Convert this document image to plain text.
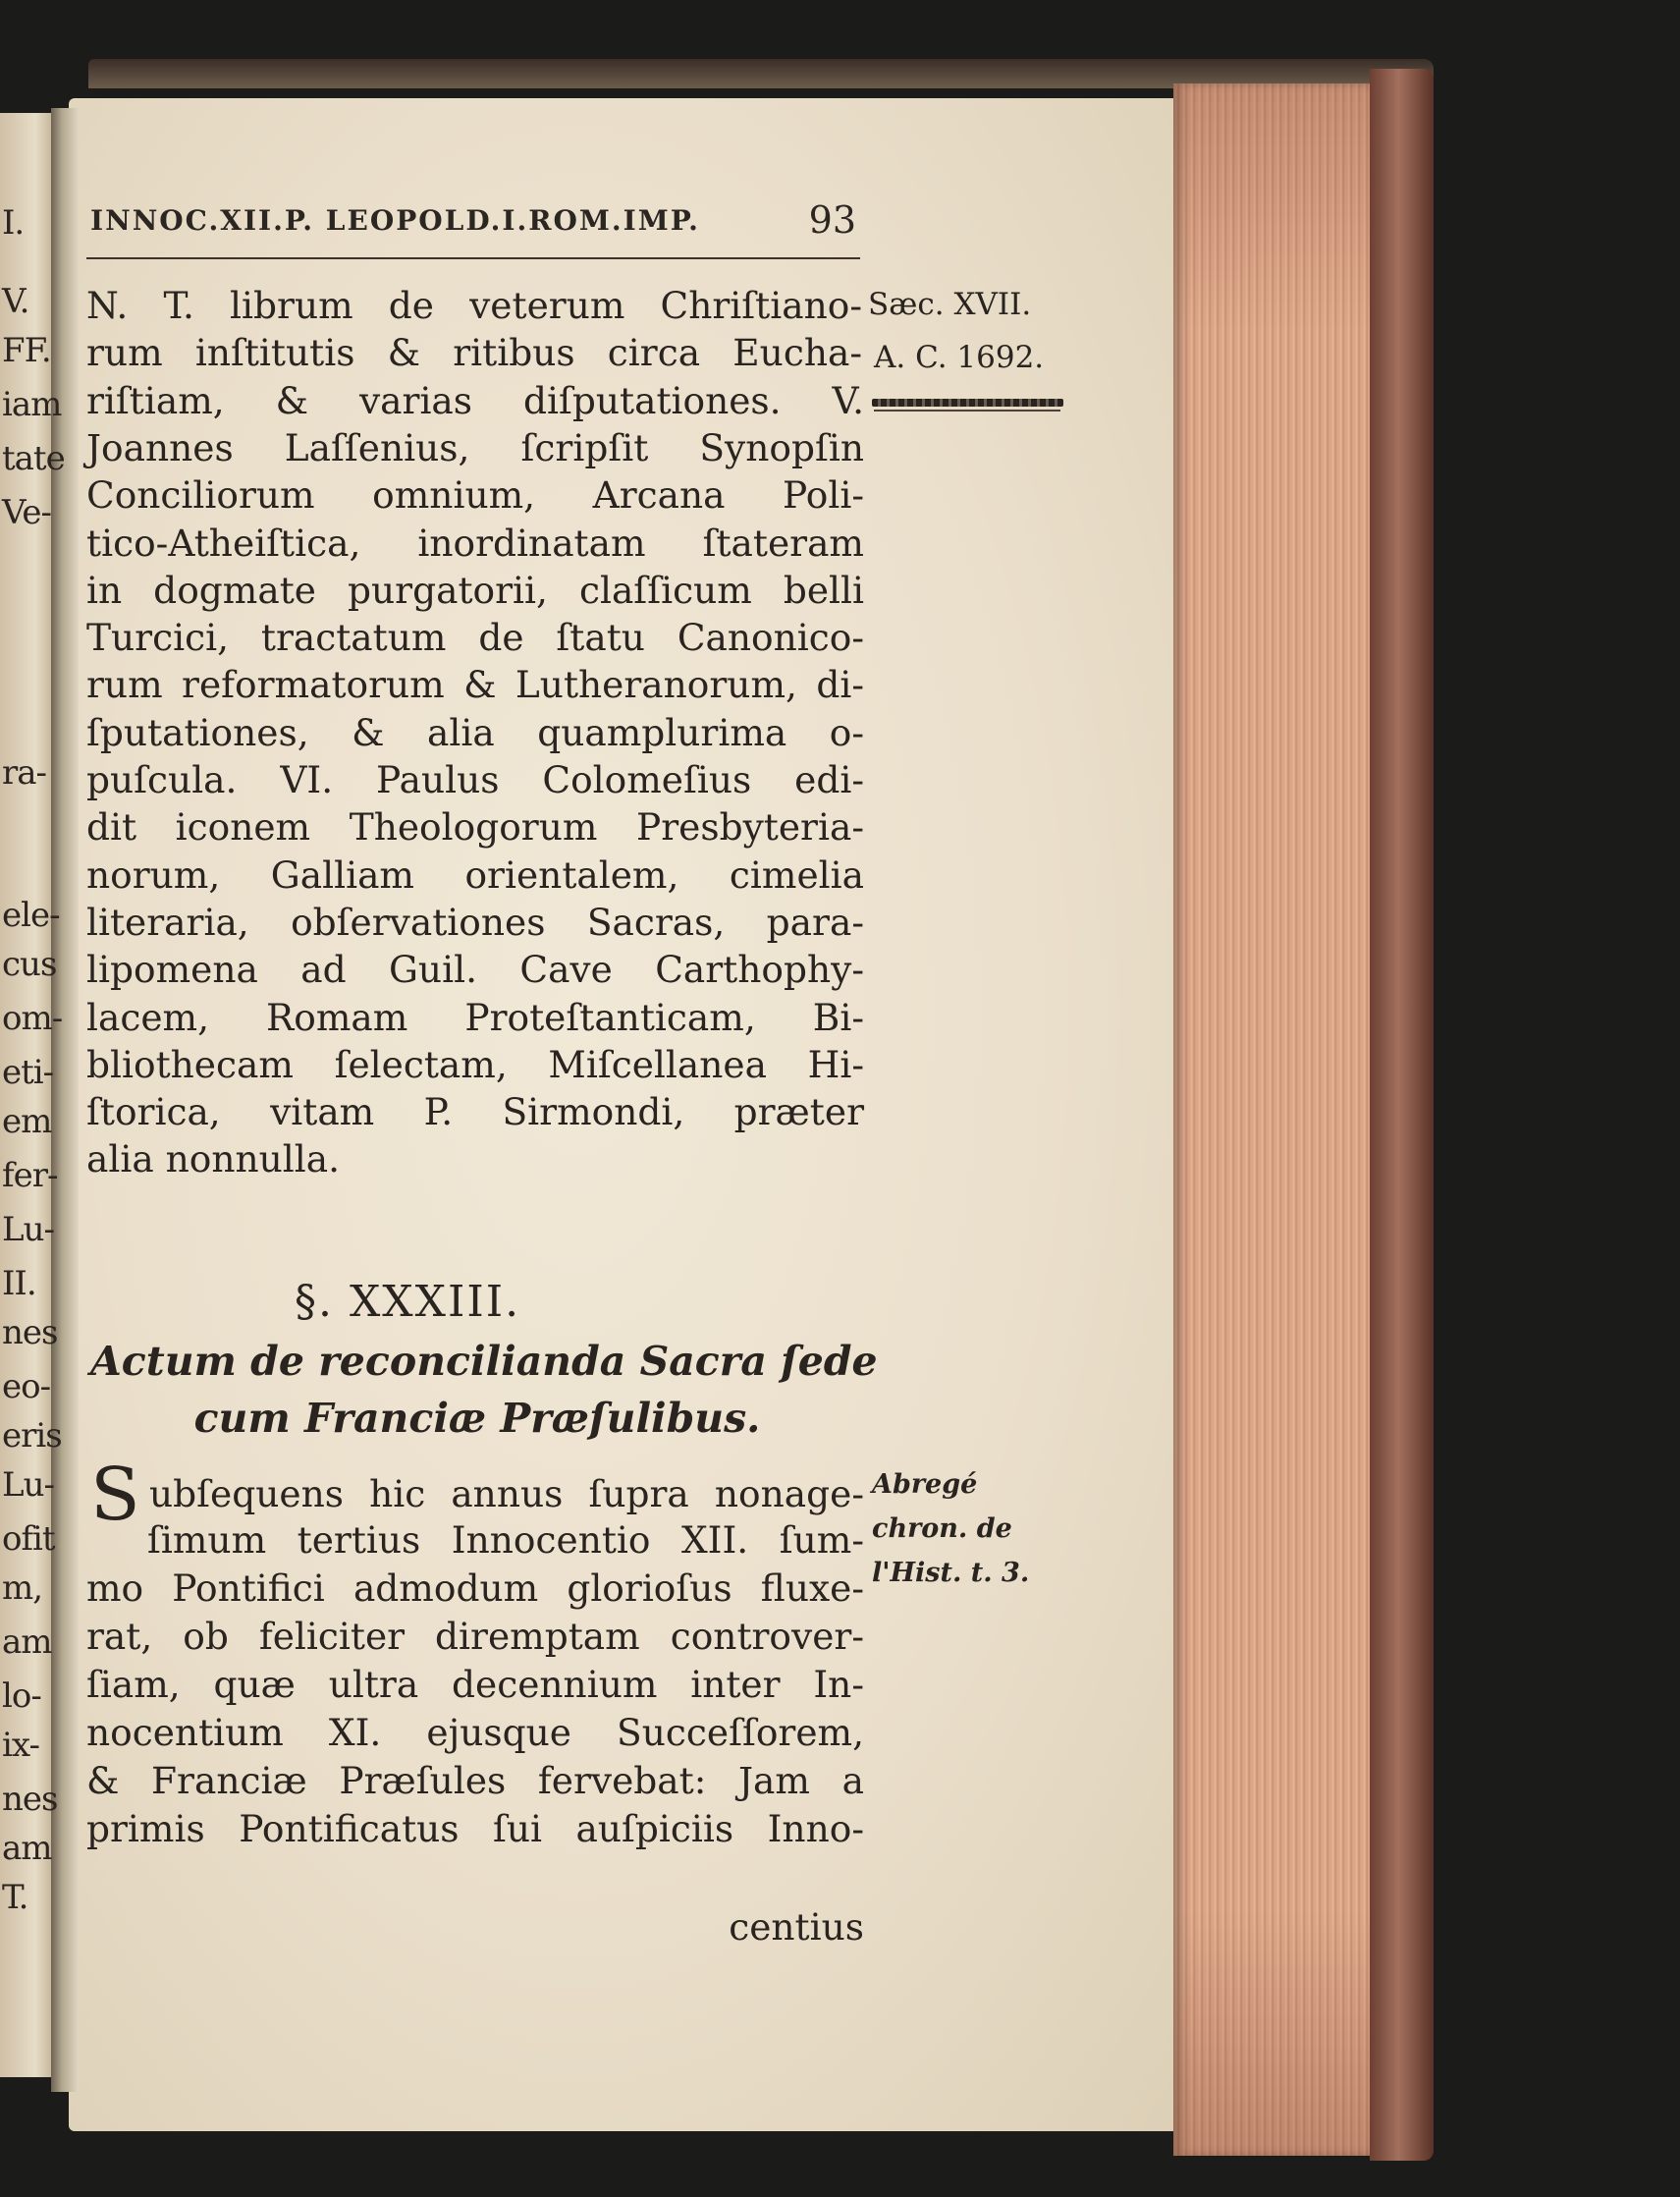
I.
V.
FF.
iam
tate
Ve-
ra-
ele-
cus
om-
eti-
em
fer-
Lu-
II.
nes
eo-
eris
Lu-
ofit
m,
am
lo-
ix-
nes
am
T.
INNOC.XII.P. LEOPOLD.I.ROM.IMP.	93
Sæc. XVII.
A. C. 1692.
N. T. librum de veterum Chriſtiano-
rum inſtitutis & ritibus circa Eucha-
riſtiam, & varias diſputationes. V.
Joannes Laſſenius, ſcripſit Synopſin
Conciliorum omnium, Arcana Poli-
tico-Atheiſtica, inordinatam ſtateram
in dogmate purgatorii, claſſicum belli
Turcici, tractatum de ſtatu Canonico-
rum reformatorum & Lutheranorum, di-
ſputationes, & alia quamplurima o-
puſcula. VI. Paulus Colomeſius edi-
dit iconem Theologorum Presbyteria-
norum, Galliam orientalem, cimelia
literaria, obſervationes Sacras, para-
lipomena ad Guil. Cave Carthophy-
lacem, Romam Proteſtanticam, Bi-
bliothecam ſelectam, Miſcellanea Hi-
ſtorica, vitam P. Sirmondi, præter
alia nonnulla.
§. XXXIII.
Actum de reconcilianda Sacra ſede
cum Franciæ Præſulibus.
S ubſequens hic annus ſupra nonage-
ſimum tertius Innocentio XII. ſum-
mo Pontifici admodum glorioſus fluxe-
rat, ob feliciter diremptam controver-
ſiam, quæ ultra decennium inter In-
nocentium XI. ejusque Succeſſorem,
& Franciæ Præſules fervebat: Jam a
primis Pontificatus ſui auſpiciis Inno-
centius
Abregé
chron. de
l'Hist. t. 3.
